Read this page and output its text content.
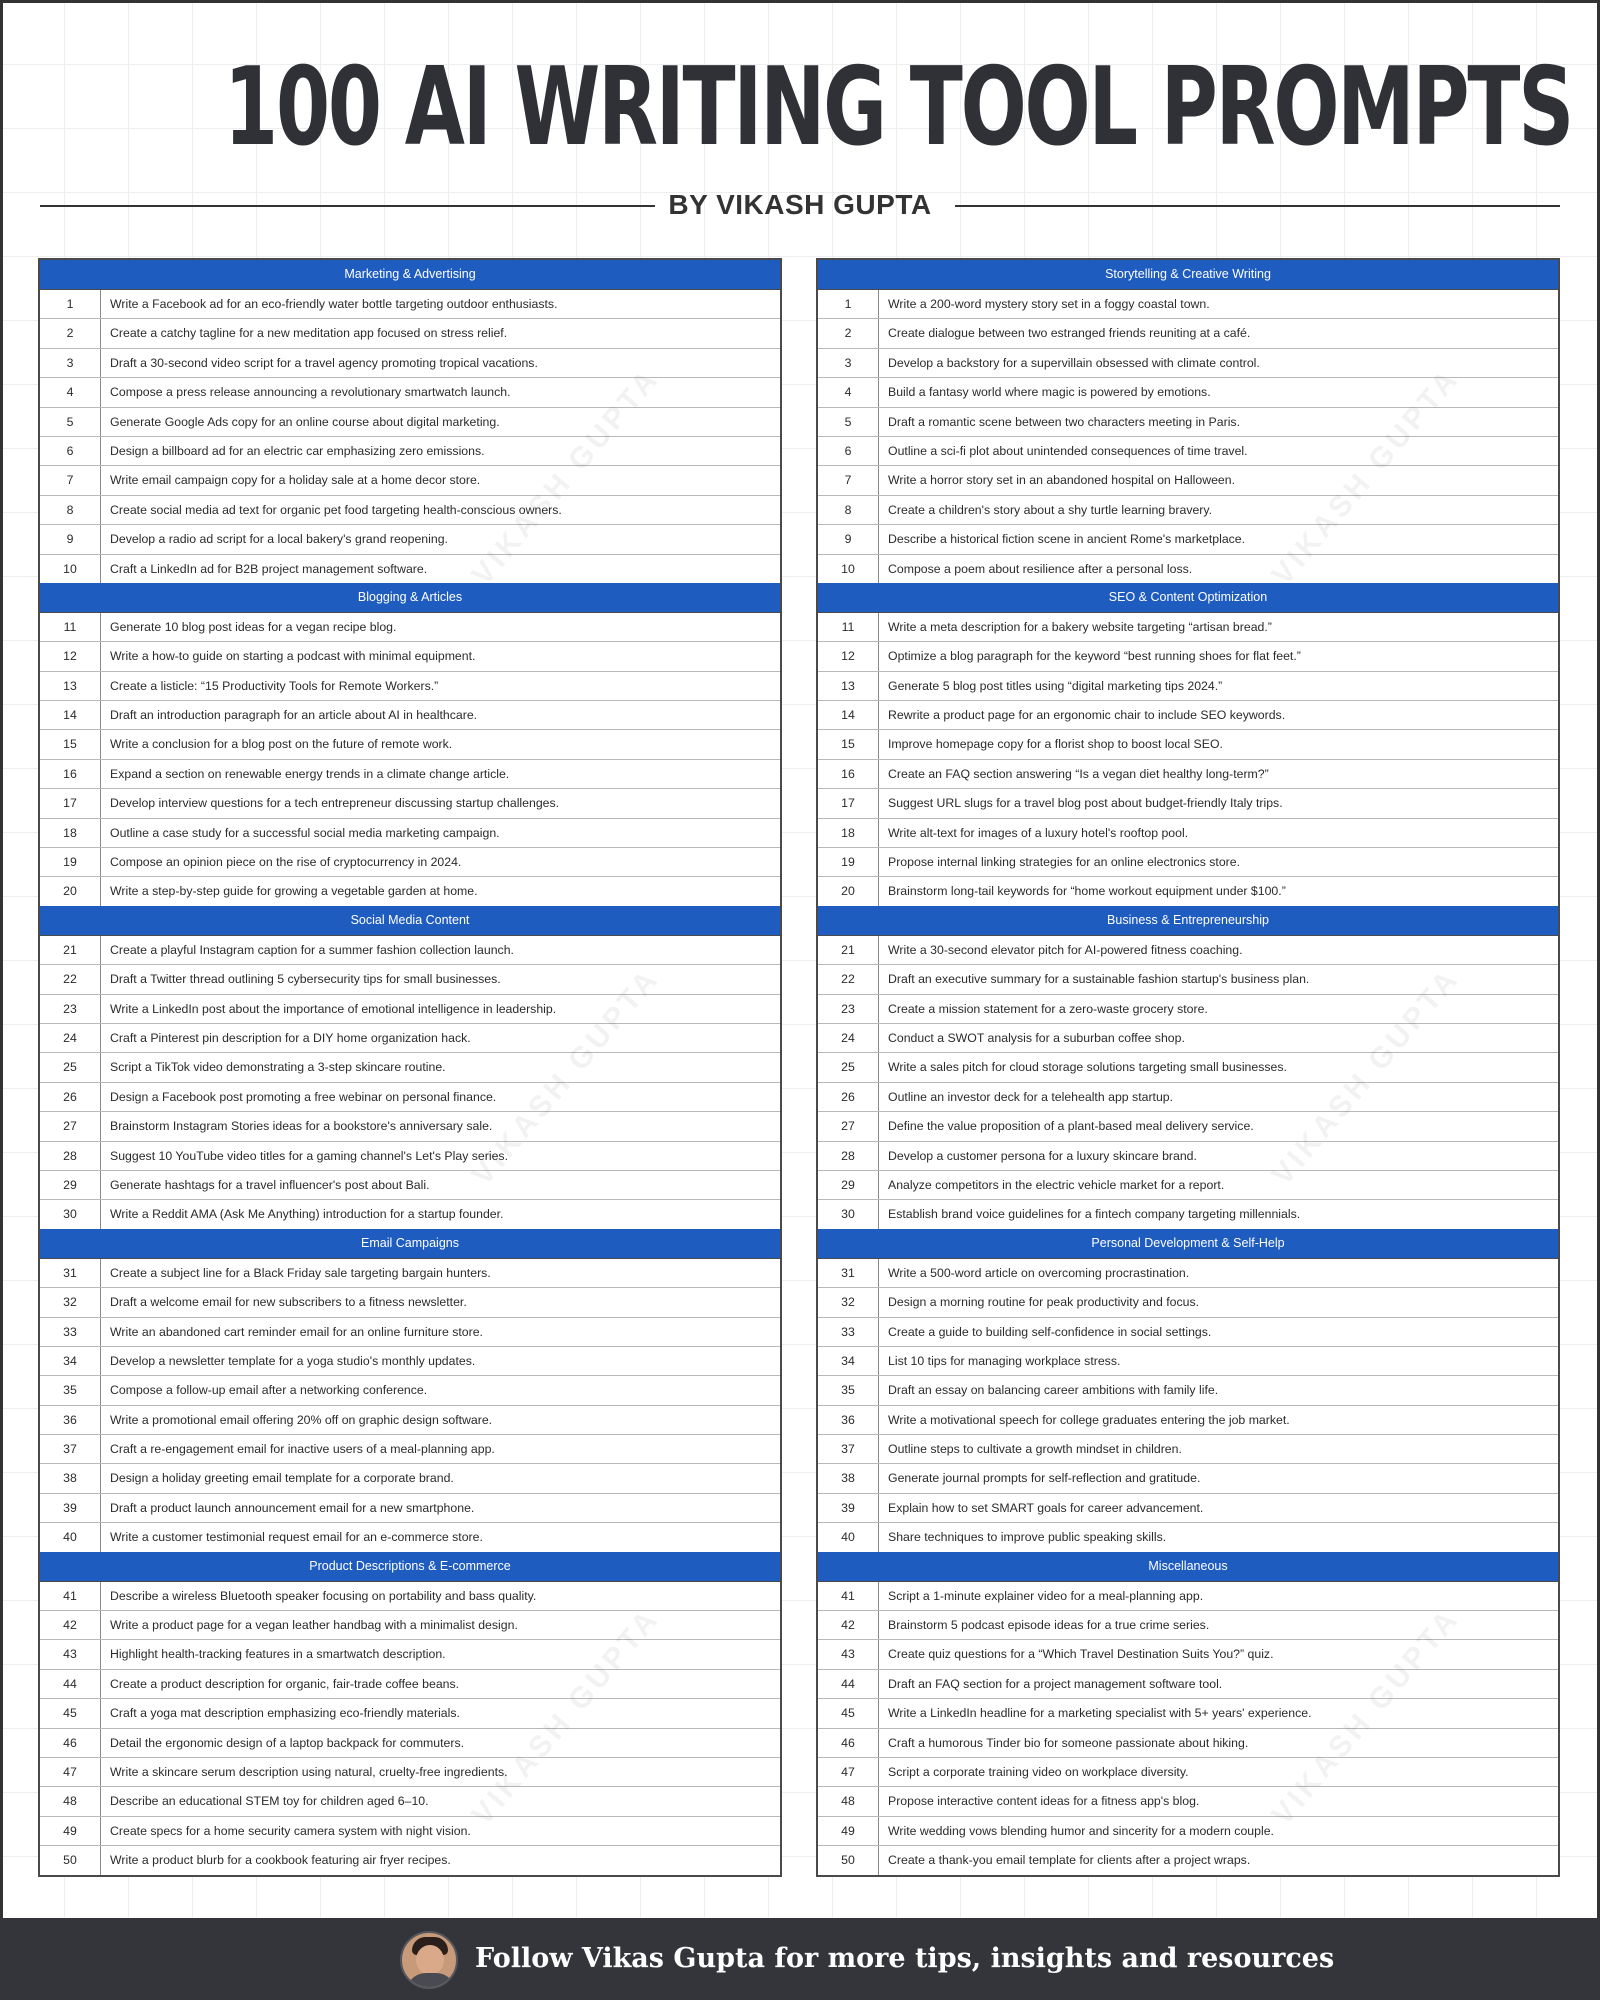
100 AI WRITING TOOL PROMPTS
BY VIKASH GUPTA
Marketing & Advertising
1	Write a Facebook ad for an eco-friendly water bottle targeting outdoor enthusiasts.
2	Create a catchy tagline for a new meditation app focused on stress relief.
3	Draft a 30-second video script for a travel agency promoting tropical vacations.
4	Compose a press release announcing a revolutionary smartwatch launch.
5	Generate Google Ads copy for an online course about digital marketing.
6	Design a billboard ad for an electric car emphasizing zero emissions.
7	Write email campaign copy for a holiday sale at a home decor store.
8	Create social media ad text for organic pet food targeting health-conscious owners.
9	Develop a radio ad script for a local bakery's grand reopening.
10	Craft a LinkedIn ad for B2B project management software.
Blogging & Articles
11	Generate 10 blog post ideas for a vegan recipe blog.
12	Write a how-to guide on starting a podcast with minimal equipment.
13	Create a listicle: “15 Productivity Tools for Remote Workers.”
14	Draft an introduction paragraph for an article about AI in healthcare.
15	Write a conclusion for a blog post on the future of remote work.
16	Expand a section on renewable energy trends in a climate change article.
17	Develop interview questions for a tech entrepreneur discussing startup challenges.
18	Outline a case study for a successful social media marketing campaign.
19	Compose an opinion piece on the rise of cryptocurrency in 2024.
20	Write a step-by-step guide for growing a vegetable garden at home.
Social Media Content
21	Create a playful Instagram caption for a summer fashion collection launch.
22	Draft a Twitter thread outlining 5 cybersecurity tips for small businesses.
23	Write a LinkedIn post about the importance of emotional intelligence in leadership.
24	Craft a Pinterest pin description for a DIY home organization hack.
25	Script a TikTok video demonstrating a 3-step skincare routine.
26	Design a Facebook post promoting a free webinar on personal finance.
27	Brainstorm Instagram Stories ideas for a bookstore's anniversary sale.
28	Suggest 10 YouTube video titles for a gaming channel's Let's Play series.
29	Generate hashtags for a travel influencer's post about Bali.
30	Write a Reddit AMA (Ask Me Anything) introduction for a startup founder.
Email Campaigns
31	Create a subject line for a Black Friday sale targeting bargain hunters.
32	Draft a welcome email for new subscribers to a fitness newsletter.
33	Write an abandoned cart reminder email for an online furniture store.
34	Develop a newsletter template for a yoga studio's monthly updates.
35	Compose a follow-up email after a networking conference.
36	Write a promotional email offering 20% off on graphic design software.
37	Craft a re-engagement email for inactive users of a meal-planning app.
38	Design a holiday greeting email template for a corporate brand.
39	Draft a product launch announcement email for a new smartphone.
40	Write a customer testimonial request email for an e-commerce store.
Product Descriptions & E-commerce
41	Describe a wireless Bluetooth speaker focusing on portability and bass quality.
42	Write a product page for a vegan leather handbag with a minimalist design.
43	Highlight health-tracking features in a smartwatch description.
44	Create a product description for organic, fair-trade coffee beans.
45	Craft a yoga mat description emphasizing eco-friendly materials.
46	Detail the ergonomic design of a laptop backpack for commuters.
47	Write a skincare serum description using natural, cruelty-free ingredients.
48	Describe an educational STEM toy for children aged 6–10.
49	Create specs for a home security camera system with night vision.
50	Write a product blurb for a cookbook featuring air fryer recipes.
Storytelling & Creative Writing
1	Write a 200-word mystery story set in a foggy coastal town.
2	Create dialogue between two estranged friends reuniting at a café.
3	Develop a backstory for a supervillain obsessed with climate control.
4	Build a fantasy world where magic is powered by emotions.
5	Draft a romantic scene between two characters meeting in Paris.
6	Outline a sci-fi plot about unintended consequences of time travel.
7	Write a horror story set in an abandoned hospital on Halloween.
8	Create a children's story about a shy turtle learning bravery.
9	Describe a historical fiction scene in ancient Rome's marketplace.
10	Compose a poem about resilience after a personal loss.
SEO & Content Optimization
11	Write a meta description for a bakery website targeting “artisan bread.”
12	Optimize a blog paragraph for the keyword “best running shoes for flat feet.”
13	Generate 5 blog post titles using “digital marketing tips 2024.”
14	Rewrite a product page for an ergonomic chair to include SEO keywords.
15	Improve homepage copy for a florist shop to boost local SEO.
16	Create an FAQ section answering “Is a vegan diet healthy long-term?”
17	Suggest URL slugs for a travel blog post about budget-friendly Italy trips.
18	Write alt-text for images of a luxury hotel's rooftop pool.
19	Propose internal linking strategies for an online electronics store.
20	Brainstorm long-tail keywords for “home workout equipment under $100.”
Business & Entrepreneurship
21	Write a 30-second elevator pitch for AI-powered fitness coaching.
22	Draft an executive summary for a sustainable fashion startup's business plan.
23	Create a mission statement for a zero-waste grocery store.
24	Conduct a SWOT analysis for a suburban coffee shop.
25	Write a sales pitch for cloud storage solutions targeting small businesses.
26	Outline an investor deck for a telehealth app startup.
27	Define the value proposition of a plant-based meal delivery service.
28	Develop a customer persona for a luxury skincare brand.
29	Analyze competitors in the electric vehicle market for a report.
30	Establish brand voice guidelines for a fintech company targeting millennials.
Personal Development & Self-Help
31	Write a 500-word article on overcoming procrastination.
32	Design a morning routine for peak productivity and focus.
33	Create a guide to building self-confidence in social settings.
34	List 10 tips for managing workplace stress.
35	Draft an essay on balancing career ambitions with family life.
36	Write a motivational speech for college graduates entering the job market.
37	Outline steps to cultivate a growth mindset in children.
38	Generate journal prompts for self-reflection and gratitude.
39	Explain how to set SMART goals for career advancement.
40	Share techniques to improve public speaking skills.
Miscellaneous
41	Script a 1-minute explainer video for a meal-planning app.
42	Brainstorm 5 podcast episode ideas for a true crime series.
43	Create quiz questions for a “Which Travel Destination Suits You?” quiz.
44	Draft an FAQ section for a project management software tool.
45	Write a LinkedIn headline for a marketing specialist with 5+ years' experience.
46	Craft a humorous Tinder bio for someone passionate about hiking.
47	Script a corporate training video on workplace diversity.
48	Propose interactive content ideas for a fitness app's blog.
49	Write wedding vows blending humor and sincerity for a modern couple.
50	Create a thank-you email template for clients after a project wraps.
Follow Vikas Gupta for more tips, insights and resources
